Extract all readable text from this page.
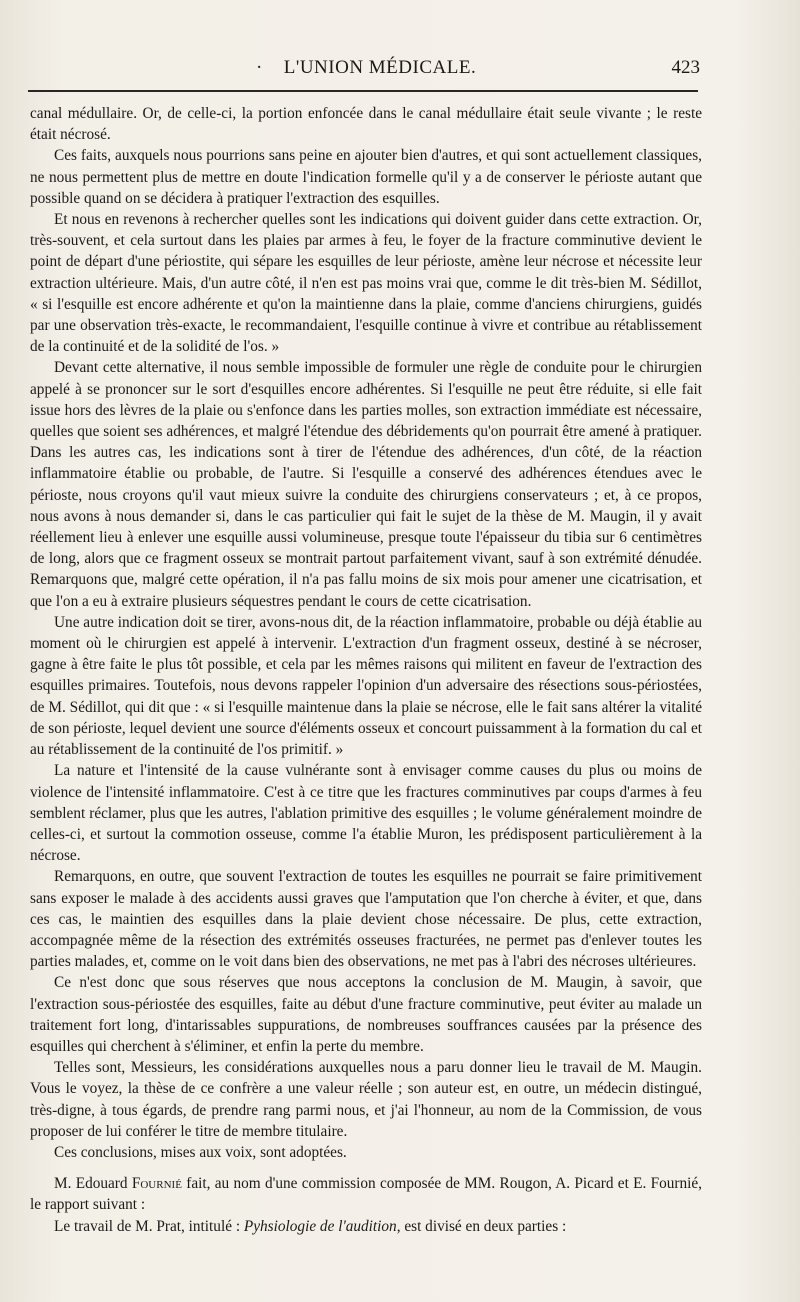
·	L'UNION MÉDICALE.	423

canal médullaire. Or, de celle-ci, la portion enfoncée dans le canal médullaire était seule vivante ; le reste était nécrosé.

Ces faits, auxquels nous pourrions sans peine en ajouter bien d'autres, et qui sont actuellement classiques, ne nous permettent plus de mettre en doute l'indication formelle qu'il y a de conserver le périoste autant que possible quand on se décidera à pratiquer l'extraction des esquilles.

Et nous en revenons à rechercher quelles sont les indications qui doivent guider dans cette extraction. Or, très-souvent, et cela surtout dans les plaies par armes à feu, le foyer de la fracture comminutive devient le point de départ d'une périostite, qui sépare les esquilles de leur périoste, amène leur nécrose et nécessite leur extraction ultérieure. Mais, d'un autre côté, il n'en est pas moins vrai que, comme le dit très-bien M. Sédillot, « si l'esquille est encore adhérente et qu'on la maintienne dans la plaie, comme d'anciens chirurgiens, guidés par une observation très-exacte, le recommandaient, l'esquille continue à vivre et contribue au rétablissement de la continuité et de la solidité de l'os. »

Devant cette alternative, il nous semble impossible de formuler une règle de conduite pour le chirurgien appelé à se prononcer sur le sort d'esquilles encore adhérentes. Si l'esquille ne peut être réduite, si elle fait issue hors des lèvres de la plaie ou s'enfonce dans les parties molles, son extraction immédiate est nécessaire, quelles que soient ses adhérences, et malgré l'étendue des débridements qu'on pourrait être amené à pratiquer. Dans les autres cas, les indications sont à tirer de l'étendue des adhérences, d'un côté, de la réaction inflammatoire établie ou probable, de l'autre. Si l'esquille a conservé des adhérences étendues avec le périoste, nous croyons qu'il vaut mieux suivre la conduite des chirurgiens conservateurs ; et, à ce propos, nous avons à nous demander si, dans le cas particulier qui fait le sujet de la thèse de M. Maugin, il y avait réellement lieu à enlever une esquille aussi volumineuse, presque toute l'épaisseur du tibia sur 6 centimètres de long, alors que ce fragment osseux se montrait partout parfaitement vivant, sauf à son extrémité dénudée. Remarquons que, malgré cette opération, il n'a pas fallu moins de six mois pour amener une cicatrisation, et que l'on a eu à extraire plusieurs séquestres pendant le cours de cette cicatrisation.

Une autre indication doit se tirer, avons-nous dit, de la réaction inflammatoire, probable ou déjà établie au moment où le chirurgien est appelé à intervenir. L'extraction d'un fragment osseux, destiné à se nécroser, gagne à être faite le plus tôt possible, et cela par les mêmes raisons qui militent en faveur de l'extraction des esquilles primaires. Toutefois, nous devons rappeler l'opinion d'un adversaire des résections sous-périostées, de M. Sédillot, qui dit que : « si l'esquille maintenue dans la plaie se nécrose, elle le fait sans altérer la vitalité de son périoste, lequel devient une source d'éléments osseux et concourt puissamment à la formation du cal et au rétablissement de la continuité de l'os primitif. »

La nature et l'intensité de la cause vulnérante sont à envisager comme causes du plus ou moins de violence de l'intensité inflammatoire. C'est à ce titre que les fractures comminutives par coups d'armes à feu semblent réclamer, plus que les autres, l'ablation primitive des esquilles ; le volume généralement moindre de celles-ci, et surtout la commotion osseuse, comme l'a établie Muron, les prédisposent particulièrement à la nécrose.

Remarquons, en outre, que souvent l'extraction de toutes les esquilles ne pourrait se faire primitivement sans exposer le malade à des accidents aussi graves que l'amputation que l'on cherche à éviter, et que, dans ces cas, le maintien des esquilles dans la plaie devient chose nécessaire. De plus, cette extraction, accompagnée même de la résection des extrémités osseuses fracturées, ne permet pas d'enlever toutes les parties malades, et, comme on le voit dans bien des observations, ne met pas à l'abri des nécroses ultérieures.

Ce n'est donc que sous réserves que nous acceptons la conclusion de M. Maugin, à savoir, que l'extraction sous-périostée des esquilles, faite au début d'une fracture comminutive, peut éviter au malade un traitement fort long, d'intarissables suppurations, de nombreuses souffrances causées par la présence des esquilles qui cherchent à s'éliminer, et enfin la perte du membre.

Telles sont, Messieurs, les considérations auxquelles nous a paru donner lieu le travail de M. Maugin. Vous le voyez, la thèse de ce confrère a une valeur réelle ; son auteur est, en outre, un médecin distingué, très-digne, à tous égards, de prendre rang parmi nous, et j'ai l'honneur, au nom de la Commission, de vous proposer de lui conférer le titre de membre titulaire.

Ces conclusions, mises aux voix, sont adoptées.

M. Edouard Fournié fait, au nom d'une commission composée de MM. Rougon, A. Picard et E. Fournié, le rapport suivant :

Le travail de M. Prat, intitulé : Pyhsiologie de l'audition, est divisé en deux parties :
